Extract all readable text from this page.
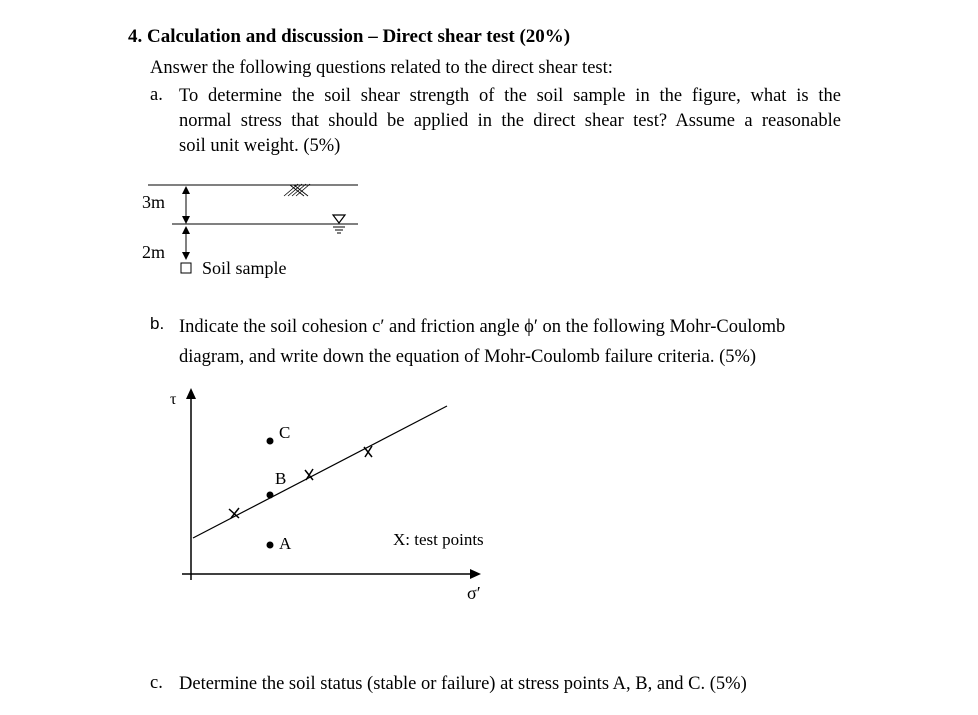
4. Calculation and discussion – Direct shear test (20%)
Answer the following questions related to the direct shear test:
a. To determine the soil shear strength of the soil sample in the figure, what is the
normal stress that should be applied in the direct shear test? Assume a reasonable
soil unit weight. (5%)
3m
2m
Soil sample
b. Indicate the soil cohesion c′ and friction angle ϕ′ on the following Mohr-Coulomb
diagram, and write down the equation of Mohr-Coulomb failure criteria. (5%)
τ
σ′
C
B
A	X: test points
c. Determine the soil status (stable or failure) at stress points A, B, and C. (5%)
